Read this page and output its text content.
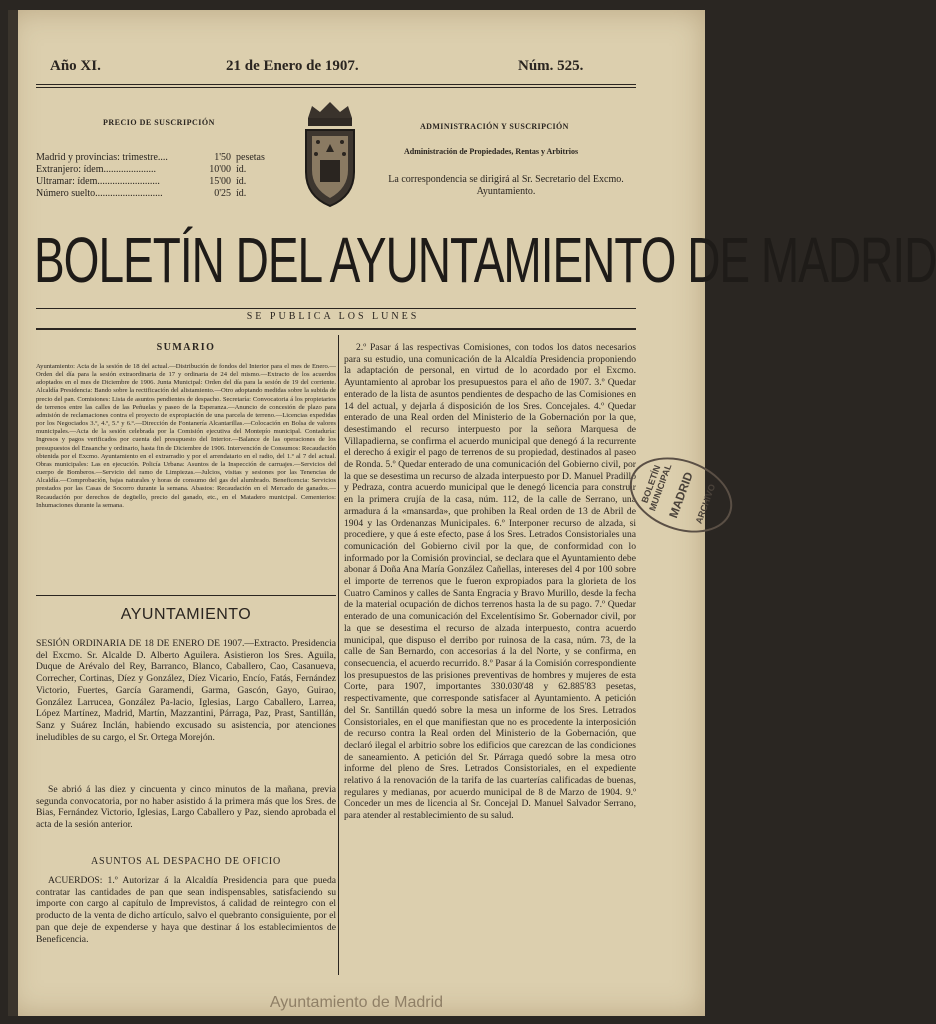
Año XI.	21 de Enero de 1907.	Núm. 525.
PRECIO DE SUSCRIPCIÓN
Madrid y provincias: trimestre....	1'50 pesetas
Extranjero: ídem.....................	10'00 íd.
Ultramar: ídem.........................	15'00 íd.
Número suelto...........................	0'25 íd.
ADMINISTRACIÓN Y SUSCRIPCIÓN
Administración de Propiedades, Rentas y Arbitrios
La correspondencia se dirigirá al Sr. Secretario del Excmo. Ayuntamiento.
BOLETÍN DEL AYUNTAMIENTO DE MADRID
SE PUBLICA LOS LUNES
SUMARIO
Ayuntamiento: Acta de la sesión de 18 del actual.—Distribución de fondos del Interior para el mes de Enero.—Orden del día para la sesión extraordinaria de 17 y ordinaria de 24 del mismo.—Extracto de los acuerdos adoptados en el mes de Diciembre de 1906. Junta Municipal: Orden del día para la sesión de 19 del corriente. Alcaldía Presidencia: Bando sobre la rectificación del alistamiento.—Otro adoptando medidas sobre la subida de precio del pan. Comisiones: Lista de asuntos pendientes de despacho. Secretaría: Convocatoria á los propietarios de terrenos entre las calles de las Peñuelas y paseo de la Esperanza.—Anuncio de concesión de plazo para admisión de reclamaciones contra el proyecto de expropiación de una parcela de terreno.—Licencias expedidas por los Negociados 3.º, 4.º, 5.º y 6.º.—Dirección de Fontanería Alcantarillas.—Colocación en Bolsa de valores municipales.—Acta de la sesión celebrada por la Comisión ejecutiva del Montepío municipal. Contaduría: Ingresos y pagos verificados por cuenta del presupuesto del Interior.—Balance de las operaciones de los presupuestos del Ensanche y ordinario, hasta fin de Diciembre de 1906. Intervención de Consumos: Recaudación obtenida por el Excmo. Ayuntamiento en el extrarradio y por el arrendatario en el radio, del 1.º al 7 del actual. Obras municipales: Las en ejecución. Policía Urbana: Asuntos de la Inspección de carruajes.—Servicios del cuerpo de Bomberos.—Servicio del ramo de Limpiezas.—Julcios, visitas y sesiones por las Tenencias de Alcaldía.—Comprobación, bajas naturales y horas de consumo del gas del alumbrado. Beneficencia: Servicios prestados por las Casas de Socorro durante la semana. Abastos: Recaudación en el Mercado de ganados.—Recaudación por derechos de degüello, precio del ganado, etc., en el Matadero municipal. Cementerios: Inhumaciones durante la semana.
AYUNTAMIENTO
SESIÓN ORDINARIA DE 18 DE ENERO DE 1907.—Extracto. Presidencia del Excmo. Sr. Alcalde D. Alberto Aguilera. Asistieron los Sres. Aguila, Duque de Arévalo del Rey, Barranco, Blanco, Caballero, Cao, Casanueva, Correcher, Cortinas, Díez y González, Díez Vicario, Encío, Fatás, Fernández Victorio, Fuertes, García Garamendi, Garma, Gascón, Gayo, Guirao, González Larrucea, González Pa-lacio, Iglesias, Largo Caballero, Larrea, López Martínez, Madrid, Martín, Mazzantini, Párraga, Paz, Prast, Santillán, Sanz y Suárez Inclán, habiendo excusado su asistencia, por atenciones ineludibles de su cargo, el Sr. Ortega Morejón.
Se abrió á las diez y cincuenta y cinco minutos de la mañana, previa segunda convocatoria, por no haber asistido á la primera más que los Sres. de Bias, Fernández Victorio, Iglesias, Largo Caballero y Paz, siendo aprobada el acta de la sesión anterior.
ASUNTOS AL DESPACHO DE OFICIO
ACUERDOS: 1.º Autorizar á la Alcaldía Presidencia para que pueda contratar las cantidades de pan que sean indispensables, satisfaciendo su importe con cargo al capítulo de Imprevistos, á calidad de reintegro con el producto de la venta de dicho artículo, salvo el quebranto consiguiente, por el pan que deje de expenderse y haya que destinar á los establecimientos de Beneficencia.
2.º Pasar á las respectivas Comisiones, con todos los datos necesarios para su estudio, una comunicación de la Alcaldía Presidencia proponiendo la adaptación de personal, en virtud de lo acordado por el Excmo. Ayuntamiento al aprobar los presupuestos para el año de 1907. 3.º Quedar enterado de la lista de asuntos pendientes de despacho de las Comisiones en 14 del actual, y dejarla á disposición de los Sres. Concejales. 4.º Quedar enterado de una Real orden del Ministerio de la Gobernación por la que, desestimando el recurso interpuesto por la señora Marquesa de Villapadierna, se confirma el acuerdo municipal que denegó á la recurrente el derecho á exigir el pago de terrenos de su propiedad, destinados al paseo de Ronda. 5.º Quedar enterado de una comunicación del Gobierno civil, por la que se desestima un recurso de alzada interpuesto por D. Manuel Pradillo y Pedraza, contra acuerdo municipal que le denegó licencia para construir en la primera crujía de la casa, núm. 112, de la calle de Serrano, una armadura á la «mansarda», que prohiben la Real orden de 13 de Abril de 1904 y las Ordenanzas Municipales. 6.º Interponer recurso de alzada, si procediere, y que á este efecto, pase á los Sres. Letrados Consistoriales una comunicación del Gobierno civil por la que, de conformidad con lo informado por la Comisión provincial, se declara que el Ayuntamiento debe abonar á Doña Ana María González Cañellas, intereses del 4 por 100 sobre el importe de terrenos que le fueron expropiados para la glorieta de los Cuatro Caminos y calles de Santa Engracia y Bravo Murillo, desde la fecha de la material ocupación de dichos terrenos hasta la de su pago. 7.º Quedar enterado de una comunicación del Excelentísimo Sr. Gobernador civil, por la que se desestima el recurso de alzada interpuesto, contra acuerdo municipal, que dispuso el derribo por ruinosa de la casa, núm. 73, de la calle de San Bernardo, con accesorias á la del Norte, y se confirma, en consecuencia, el acuerdo recurrido. 8.º Pasar á la Comisión correspondiente los presupuestos de las prisiones preventivas de hombres y mujeres de esta Corte, para 1907, importantes 330.030'48 y 62.885'83 pesetas, respectivamente, que corresponde satisfacer al Ayuntamiento. A petición del Sr. Santillán quedó sobre la mesa un informe de los Sres. Letrados Consistoriales, en el que manifiestan que no es procedente la interposición de recurso contra la Real orden del Ministerio de la Gobernación, que declaró ilegal el arbitrio sobre los edificios que carezcan de las condiciones de saneamiento. A petición del Sr. Párraga quedó sobre la mesa otro informe del pleno de Sres. Letrados Consistoriales, en el expediente relativo á la renovación de la tarifa de las cuarterías calificadas de buenas, regulares y medianas, por acuerdo municipal de 8 de Marzo de 1904. 9.º Conceder un mes de licencia al Sr. Concejal D. Manuel Salvador Serrano, para atender al restablecimiento de su salud.
BOLETÍN MUNICIPAL
MADRID
ARCHIVO
Ayuntamiento de Madrid
